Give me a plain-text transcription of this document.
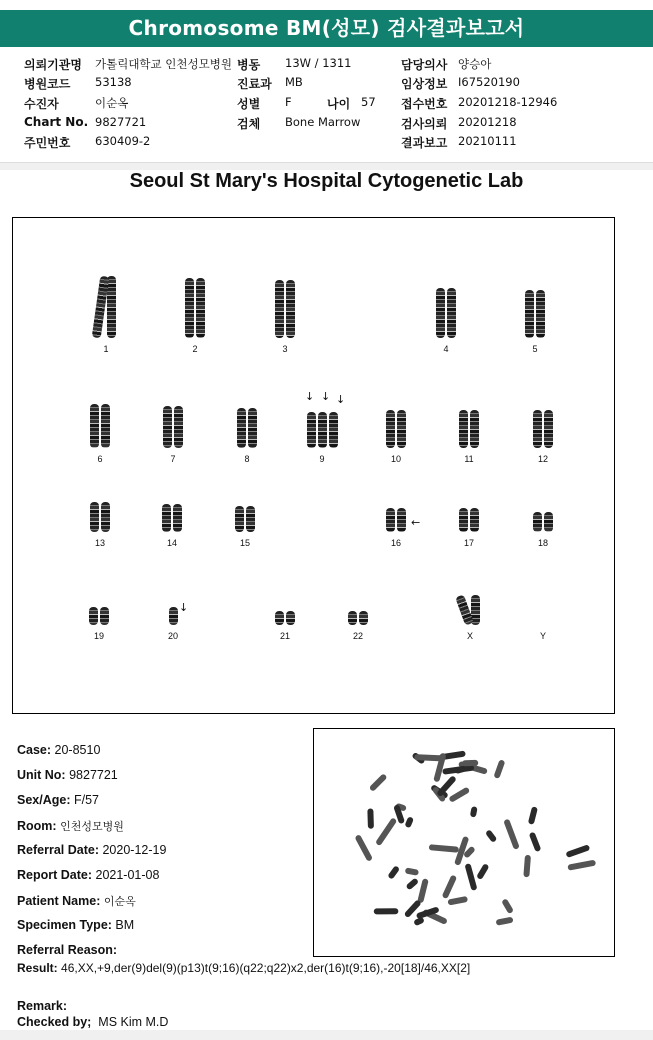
Chromosome BM(성모) 검사결과보고서
의뢰기관명 가톨릭대학교 인천성모병원 병동 13W / 1311	담당의사 양승아
병원코드 53138	진료과 MB	임상정보 I67520190
수진자	이순옥	성별 F	나이 57 접수번호 20201218-12946
Chart No. 9827721	검체 Bone Marrow	검사의뢰 20201218
주민번호 630409-2	결과보고 20210111
Seoul St Mary's Hospital Cytogenetic Lab
1	2	3	4	5
6	7	8	9	10	11	12
13	14	15	16	17	18
19	20	21	22	X	Y
↓ ↓ ↓
←
↓
Case: 20-8510
Unit No: 9827721
Sex/Age: F/57
Room: 인천성모병원
Referral Date: 2020-12-19
Report Date: 2021-01-08
Patient Name: 이순옥
Specimen Type: BM
Referral Reason:
Result: 46,XX,+9,der(9)del(9)(p13)t(9;16)(q22;q22)x2,der(16)t(9;16),-20[18]/46,XX[2]
Remark:
Checked by; MS Kim M.D
